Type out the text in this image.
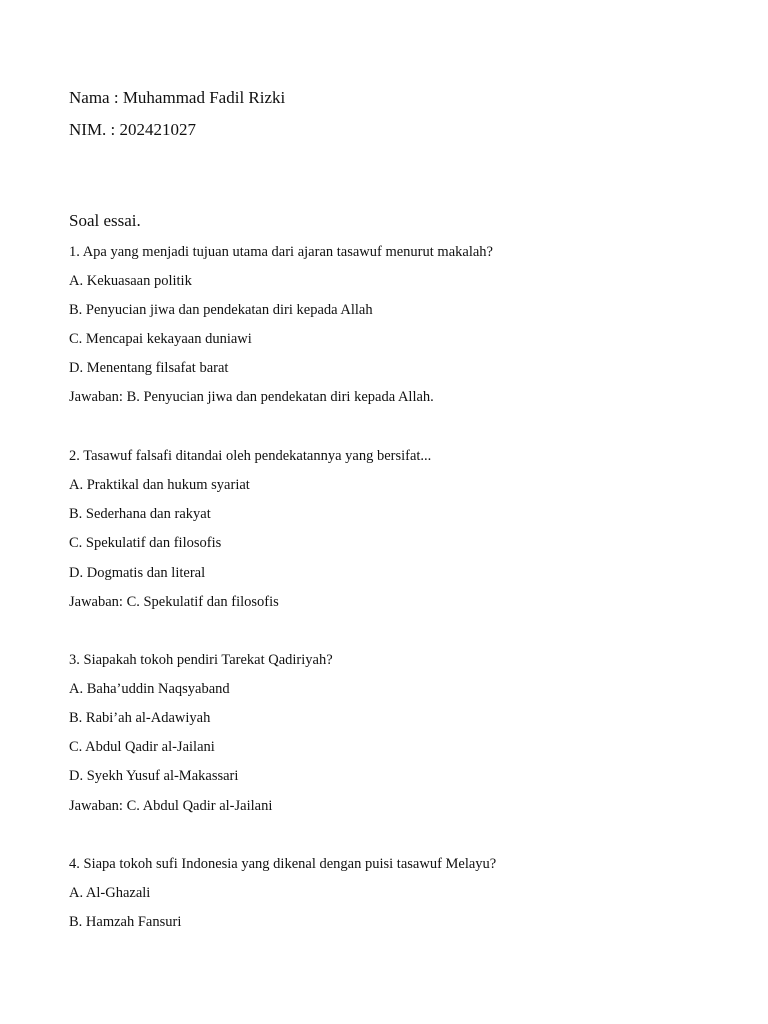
Nama : Muhammad Fadil Rizki
NIM. : 202421027
Soal essai.
1. Apa yang menjadi tujuan utama dari ajaran tasawuf menurut makalah?
A. Kekuasaan politik
B. Penyucian jiwa dan pendekatan diri kepada Allah
C. Mencapai kekayaan duniawi
D. Menentang filsafat barat
Jawaban: B. Penyucian jiwa dan pendekatan diri kepada Allah.
2. Tasawuf falsafi ditandai oleh pendekatannya yang bersifat...
A. Praktikal dan hukum syariat
B. Sederhana dan rakyat
C. Spekulatif dan filosofis
D. Dogmatis dan literal
Jawaban: C. Spekulatif dan filosofis
3. Siapakah tokoh pendiri Tarekat Qadiriyah?
A. Baha’uddin Naqsyaband
B. Rabi’ah al-Adawiyah
C. Abdul Qadir al-Jailani
D. Syekh Yusuf al-Makassari
Jawaban: C. Abdul Qadir al-Jailani
4. Siapa tokoh sufi Indonesia yang dikenal dengan puisi tasawuf Melayu?
A. Al-Ghazali
B. Hamzah Fansuri
